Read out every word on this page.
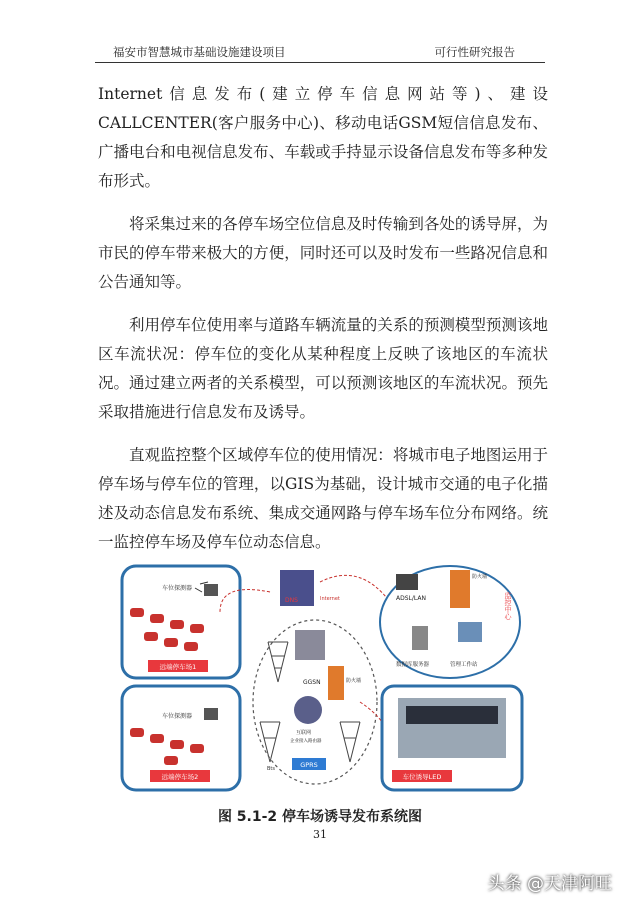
福安市智慧城市基础设施建设项目	可行性研究报告

Internet信息发布(建立停车信息网站等)、建设CALLCENTER(客户服务中心)、移动电话GSM短信信息发布、广播电台和电视信息发布、车载或手持显示设备信息发布等多种发布形式。

将采集过来的各停车场空位信息及时传输到各处的诱导屏，为市民的停车带来极大的方便，同时还可以及时发布一些路况信息和公告通知等。

利用停车位使用率与道路车辆流量的关系的预测模型预测该地区车流状况：停车位的变化从某种程度上反映了该地区的车流状况。通过建立两者的关系模型，可以预测该地区的车流状况。预先采取措施进行信息发布及诱导。

直观监控整个区域停车位的使用情况：将城市电子地图运用于停车场与停车位的管理，以GIS为基础，设计城市交通的电子化描述及动态信息发布系统、集成交通网路与停车场车位分布网络。统一监控停车场及停车位动态信息。

车位探测器
远端停车场1
车位探测器
远端停车场2
Bts
DNS	Internet
GGSN	防火墙
互联网
企业接入路由器
GPRS
ADSL/LAN
防火墙
监控中心
数据库服务器	管理工作站
车位诱导LED
图 5.1-2 停车场诱导发布系统图
31
头条 @天津阿旺
